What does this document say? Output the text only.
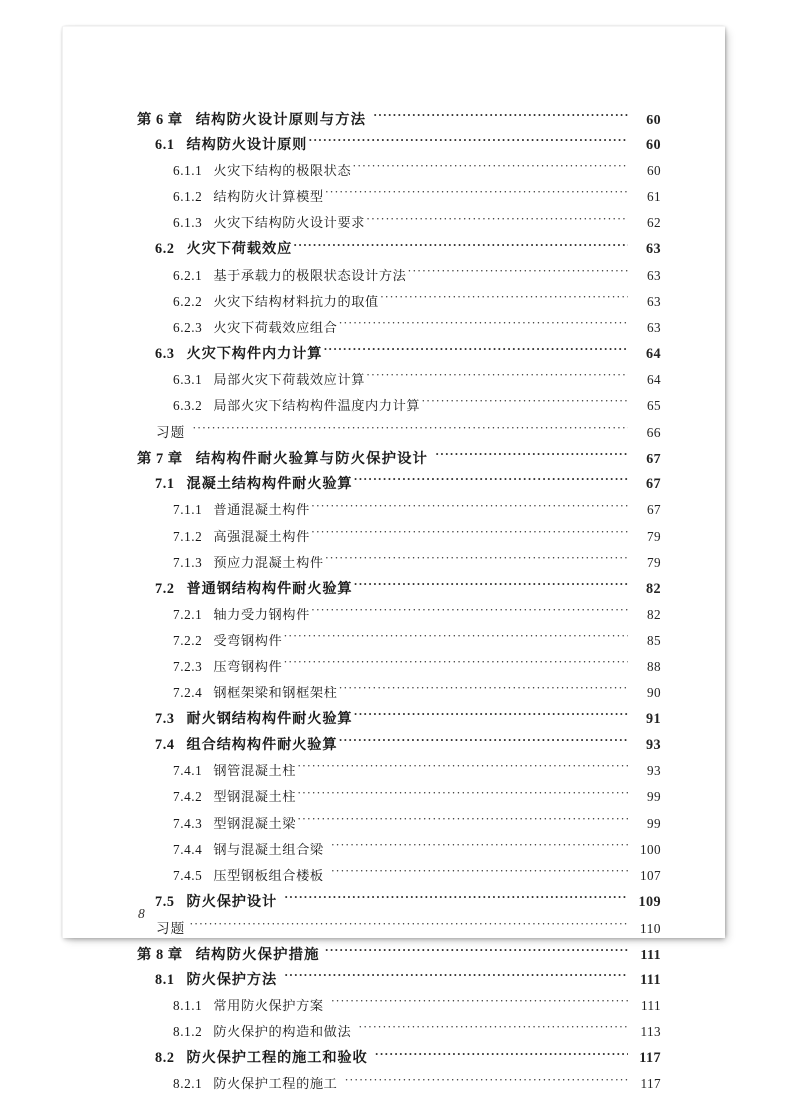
第 6 章 结构防火设计原则与方法 ·····	60
6.1 结构防火设计原则 ·····	60
6.1.1 火灾下结构的极限状态 ·····	60
6.1.2 结构防火计算模型 ·····	61
6.1.3 火灾下结构防火设计要求 ·····	62
6.2 火灾下荷载效应 ·····	63
6.2.1 基于承载力的极限状态设计方法 ·····	63
6.2.2 火灾下结构材料抗力的取值 ·····	63
6.2.3 火灾下荷载效应组合 ·····	63
6.3 火灾下构件内力计算 ·····	64
6.3.1 局部火灾下荷载效应计算 ·····	64
6.3.2 局部火灾下结构构件温度内力计算 ·····	65
习题 ·····	66
第 7 章 结构构件耐火验算与防火保护设计 ·····	67
7.1 混凝土结构构件耐火验算 ·····	67
7.1.1 普通混凝土构件 ·····	67
7.1.2 高强混凝土构件 ·····	79
7.1.3 预应力混凝土构件 ·····	79
7.2 普通钢结构构件耐火验算 ·····	82
7.2.1 轴力受力钢构件 ·····	82
7.2.2 受弯钢构件 ·····	85
7.2.3 压弯钢构件 ·····	88
7.2.4 钢框架梁和钢框架柱 ·····	90
7.3 耐火钢结构构件耐火验算 ·····	91
7.4 组合结构构件耐火验算 ·····	93
7.4.1 钢管混凝土柱 ·····	93
7.4.2 型钢混凝土柱 ·····	99
7.4.3 型钢混凝土梁 ·····	99
7.4.4 钢与混凝土组合梁 ·····	100
7.4.5 压型钢板组合楼板 ·····	107
7.5 防火保护设计 ·····	109
习题 ·····	110
第 8 章 结构防火保护措施 ·····	111
8.1 防火保护方法 ·····	111
8.1.1 常用防火保护方案 ·····	111
8.1.2 防火保护的构造和做法 ·····	113
8.2 防火保护工程的施工和验收 ·····	117
8.2.1 防火保护工程的施工 ·····	117
8
